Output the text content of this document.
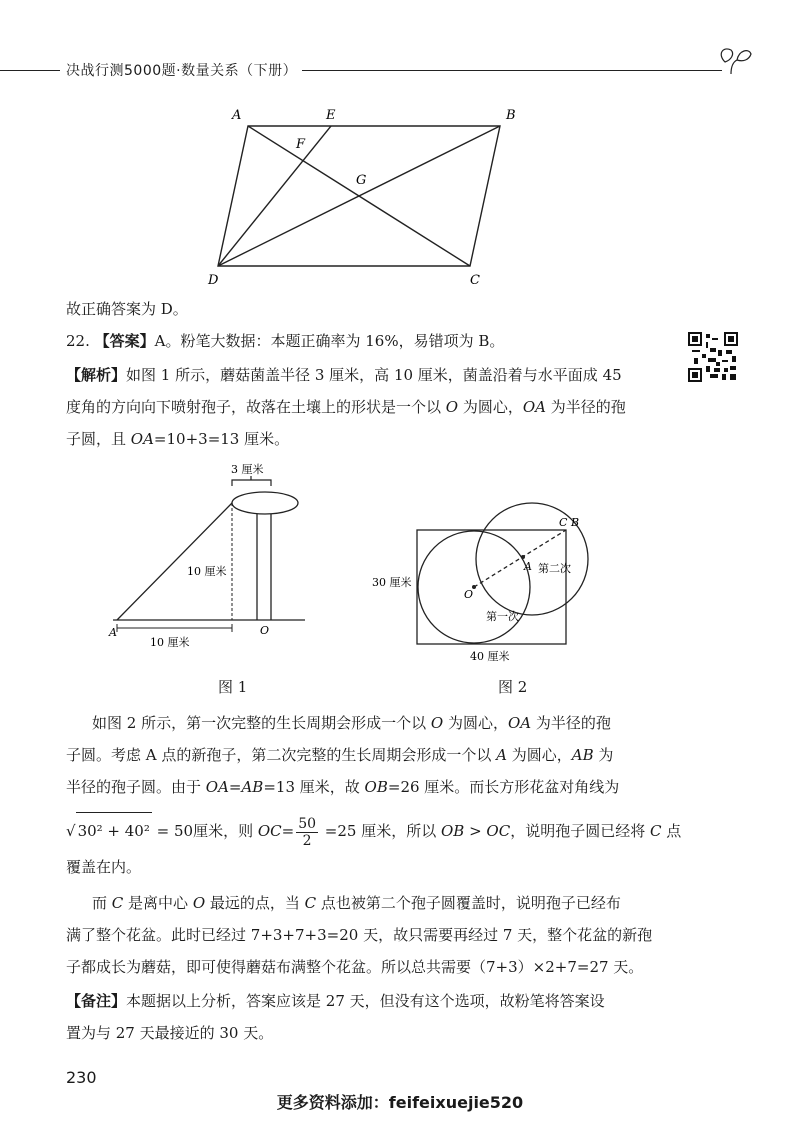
决战行测5000题·数量关系（下册）
A	E	B
F
G
D	C
故正确答案为 D。
22. 【答案】A。粉笔大数据：本题正确率为 16%，易错项为 B。
【解析】如图 1 所示，蘑菇菌盖半径 3 厘米，高 10 厘米，菌盖沿着与水平面成 45
度角的方向向下喷射孢子，故落在土壤上的形状是一个以 O 为圆心，OA 为半径的孢
子圆，且 OA=10+3=13 厘米。
3 厘米
10 厘米
10 厘米
A	O
图 1
30 厘米
40 厘米
O
A
C B
第一次
第二次
图 2
如图 2 所示，第一次完整的生长周期会形成一个以 O 为圆心，OA 为半径的孢
子圆。考虑 A 点的新孢子，第二次完整的生长周期会形成一个以 A 为圆心，AB 为
半径的孢子圆。由于 OA=AB=13 厘米，故 OB=26 厘米。而长方形花盆对角线为
√ 30² + 40² = 50厘米，则 $OC= \frac{50}{2} =25$ 厘米，所以 OB > OC，说明孢子圆已经将 C 点
覆盖在内。
而 C 是离中心 O 最远的点，当 C 点也被第二个孢子圆覆盖时，说明孢子已经布
满了整个花盆。此时已经过 7+3+7+3=20 天，故只需要再经过 7 天，整个花盆的新孢
子都成长为蘑菇，即可使得蘑菇布满整个花盆。所以总共需要（7+3）×2+7=27 天。
【备注】本题据以上分析，答案应该是 27 天，但没有这个选项，故粉笔将答案设
置为与 27 天最接近的 30 天。
230
更多资料添加：feifeixuejie520
